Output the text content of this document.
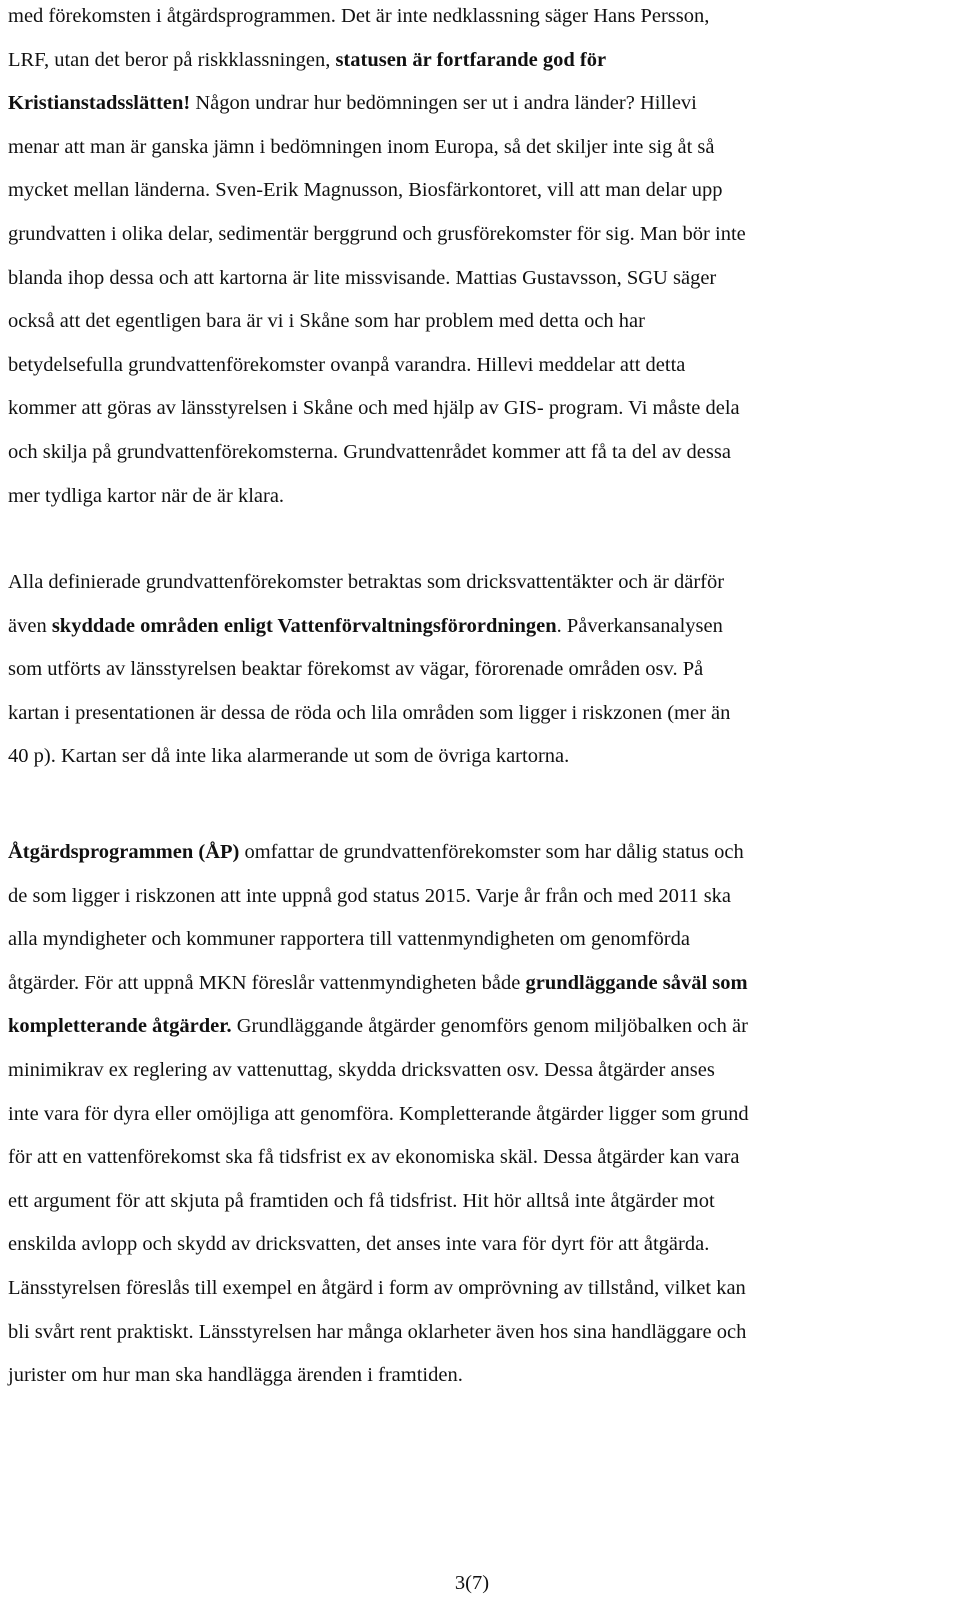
med förekomsten i åtgärdsprogrammen. Det är inte nedklassning säger Hans Persson,
LRF, utan det beror på riskklassningen, statusen är fortfarande god för
Kristianstadsslätten! Någon undrar hur bedömningen ser ut i andra länder? Hillevi
menar att man är ganska jämn i bedömningen inom Europa, så det skiljer inte sig åt så
mycket mellan länderna. Sven-Erik Magnusson, Biosfärkontoret, vill att man delar upp
grundvatten i olika delar, sedimentär berggrund och grusförekomster för sig. Man bör inte
blanda ihop dessa och att kartorna är lite missvisande. Mattias Gustavsson, SGU säger
också att det egentligen bara är vi i Skåne som har problem med detta och har
betydelsefulla grundvattenförekomster ovanpå varandra. Hillevi meddelar att detta
kommer att göras av länsstyrelsen i Skåne och med hjälp av GIS- program. Vi måste dela
och skilja på grundvattenförekomsterna. Grundvattenrådet kommer att få ta del av dessa
mer tydliga kartor när de är klara.
Alla definierade grundvattenförekomster betraktas som dricksvattentäkter och är därför
även skyddade områden enligt Vattenförvaltningsförordningen. Påverkansanalysen
som utförts av länsstyrelsen beaktar förekomst av vägar, förorenade områden osv. På
kartan i presentationen är dessa de röda och lila områden som ligger i riskzonen (mer än
40 p). Kartan ser då inte lika alarmerande ut som de övriga kartorna.
Åtgärdsprogrammen (ÅP) omfattar de grundvattenförekomster som har dålig status och
de som ligger i riskzonen att inte uppnå god status 2015. Varje år från och med 2011 ska
alla myndigheter och kommuner rapportera till vattenmyndigheten om genomförda
åtgärder. För att uppnå MKN föreslår vattenmyndigheten både grundläggande såväl som
kompletterande åtgärder. Grundläggande åtgärder genomförs genom miljöbalken och är
minimikrav ex reglering av vattenuttag, skydda dricksvatten osv. Dessa åtgärder anses
inte vara för dyra eller omöjliga att genomföra. Kompletterande åtgärder ligger som grund
för att en vattenförekomst ska få tidsfrist ex av ekonomiska skäl. Dessa åtgärder kan vara
ett argument för att skjuta på framtiden och få tidsfrist. Hit hör alltså inte åtgärder mot
enskilda avlopp och skydd av dricksvatten, det anses inte vara för dyrt för att åtgärda.
Länsstyrelsen föreslås till exempel en åtgärd i form av omprövning av tillstånd, vilket kan
bli svårt rent praktiskt. Länsstyrelsen har många oklarheter även hos sina handläggare och
jurister om hur man ska handlägga ärenden i framtiden.
3(7)
